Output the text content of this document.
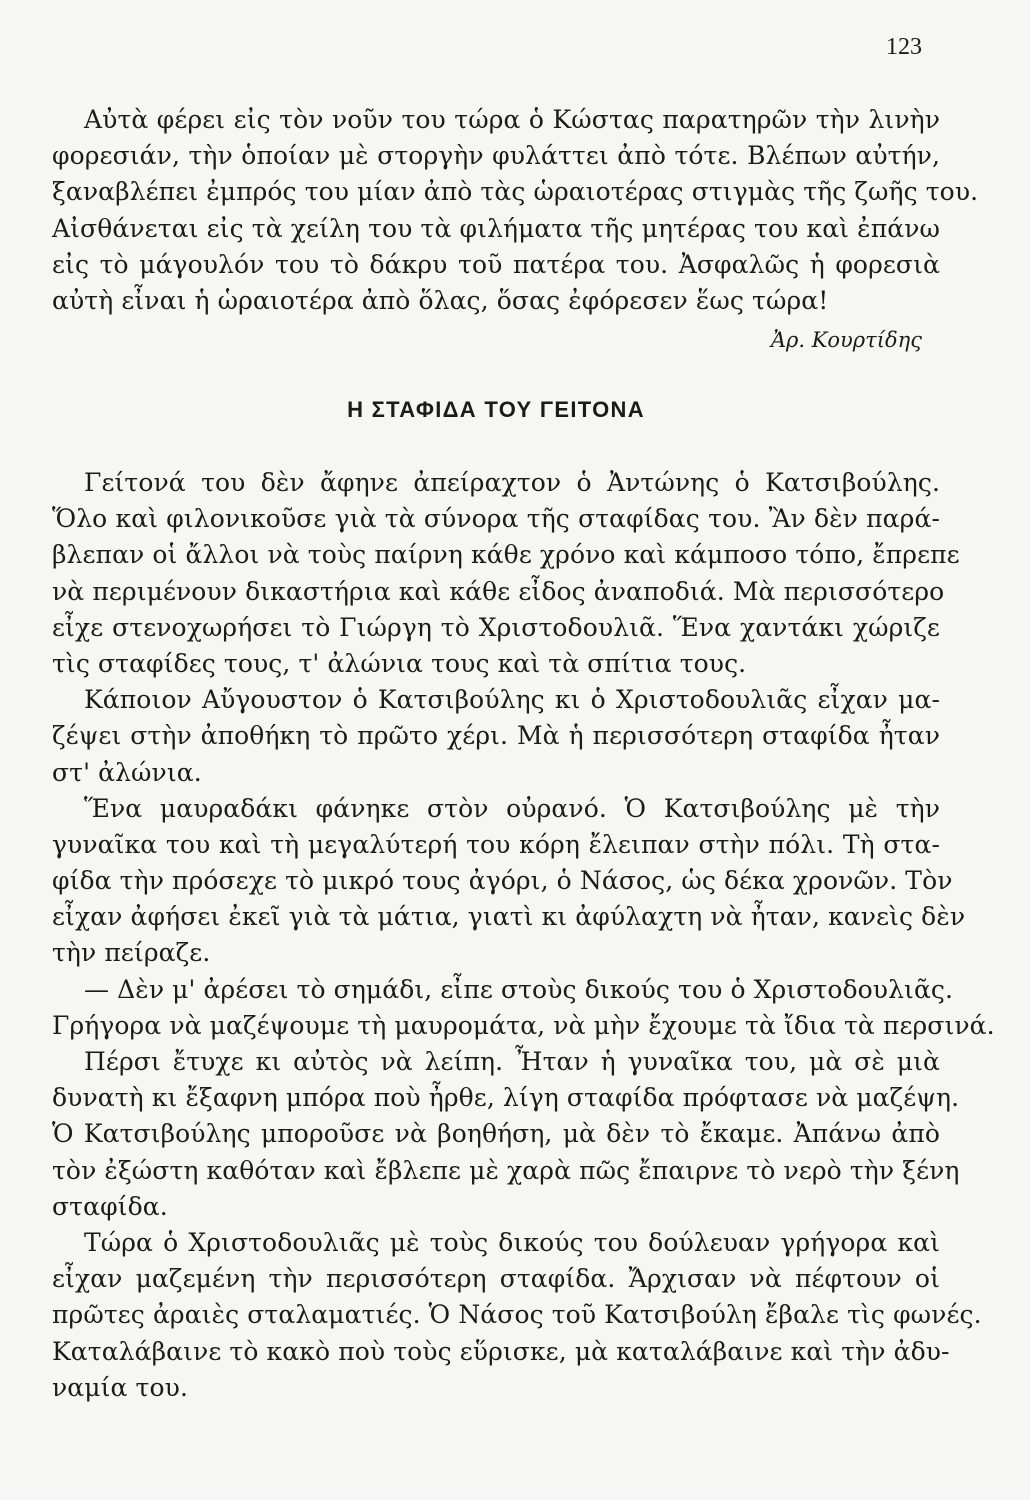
123
Αὐτὰ φέρει εἰς τὸν νοῦν του τώρα ὁ Κώστας παρατηρῶν τὴν λινὴν
φορεσιάν, τὴν ὁποίαν μὲ στοργὴν φυλάττει ἀπὸ τότε. Βλέπων αὐτήν,
ξαναβλέπει ἐμπρός του μίαν ἀπὸ τὰς ὡραιοτέρας στιγμὰς τῆς ζωῆς του.
Αἰσθάνεται εἰς τὰ χείλη του τὰ φιλήματα τῆς μητέρας του καὶ ἐπάνω
εἰς τὸ μάγουλόν του τὸ δάκρυ τοῦ πατέρα του. Ἀσφαλῶς ἡ φορεσιὰ
αὐτὴ εἶναι ἡ ὡραιοτέρα ἀπὸ ὅλας, ὅσας ἐφόρεσεν ἕως τώρα!
Ἀρ. Κουρτίδης
Η ΣΤΑΦΙΔΑ ΤΟΥ ΓΕΙΤΟΝΑ
Γείτονά του δὲν ἄφηνε ἀπείραχτον ὁ Ἀντώνης ὁ Κατσιβούλης.
Ὅλο καὶ φιλονικοῦσε γιὰ τὰ σύνορα τῆς σταφίδας του. Ἂν δὲν παρά-
βλεπαν οἱ ἄλλοι νὰ τοὺς παίρνη κάθε χρόνο καὶ κάμποσο τόπο, ἔπρεπε
νὰ περιμένουν δικαστήρια καὶ κάθε εἶδος ἀναποδιά. Μὰ περισσότερο
εἶχε στενοχωρήσει τὸ Γιώργη τὸ Χριστοδουλιᾶ. Ἕνα χαντάκι χώριζε
τὶς σταφίδες τους, τ' ἀλώνια τους καὶ τὰ σπίτια τους.
Κάποιον Αὔγουστον ὁ Κατσιβούλης κι ὁ Χριστοδουλιᾶς εἶχαν μα-
ζέψει στὴν ἀποθήκη τὸ πρῶτο χέρι. Μὰ ἡ περισσότερη σταφίδα ἦταν
στ' ἀλώνια.
Ἕνα μαυραδάκι φάνηκε στὸν οὐρανό. Ὁ Κατσιβούλης μὲ τὴν
γυναῖκα του καὶ τὴ μεγαλύτερή του κόρη ἔλειπαν στὴν πόλι. Τὴ στα-
φίδα τὴν πρόσεχε τὸ μικρό τους ἀγόρι, ὁ Νάσος, ὡς δέκα χρονῶν. Τὸν
εἶχαν ἀφήσει ἐκεῖ γιὰ τὰ μάτια, γιατὶ κι ἀφύλαχτη νὰ ἦταν, κανεὶς δὲν
τὴν πείραζε.
— Δὲν μ' ἀρέσει τὸ σημάδι, εἶπε στοὺς δικούς του ὁ Χριστοδουλιᾶς.
Γρήγορα νὰ μαζέψουμε τὴ μαυρομάτα, νὰ μὴν ἔχουμε τὰ ἴδια τὰ περσινά.
Πέρσι ἔτυχε κι αὐτὸς νὰ λείπη. Ἦταν ἡ γυναῖκα του, μὰ σὲ μιὰ
δυνατὴ κι ἔξαφνη μπόρα ποὺ ἦρθε, λίγη σταφίδα πρόφτασε νὰ μαζέψη.
Ὁ Κατσιβούλης μποροῦσε νὰ βοηθήση, μὰ δὲν τὸ ἔκαμε. Ἀπάνω ἀπὸ
τὸν ἐξώστη καθόταν καὶ ἔβλεπε μὲ χαρὰ πῶς ἔπαιρνε τὸ νερὸ τὴν ξένη
σταφίδα.
Τώρα ὁ Χριστοδουλιᾶς μὲ τοὺς δικούς του δούλευαν γρήγορα καὶ
εἶχαν μαζεμένη τὴν περισσότερη σταφίδα. Ἄρχισαν νὰ πέφτουν οἱ
πρῶτες ἀραιὲς σταλαματιές. Ὁ Νάσος τοῦ Κατσιβούλη ἔβαλε τὶς φωνές.
Καταλάβαινε τὸ κακὸ ποὺ τοὺς εὕρισκε, μὰ καταλάβαινε καὶ τὴν ἀδυ-
ναμία του.
